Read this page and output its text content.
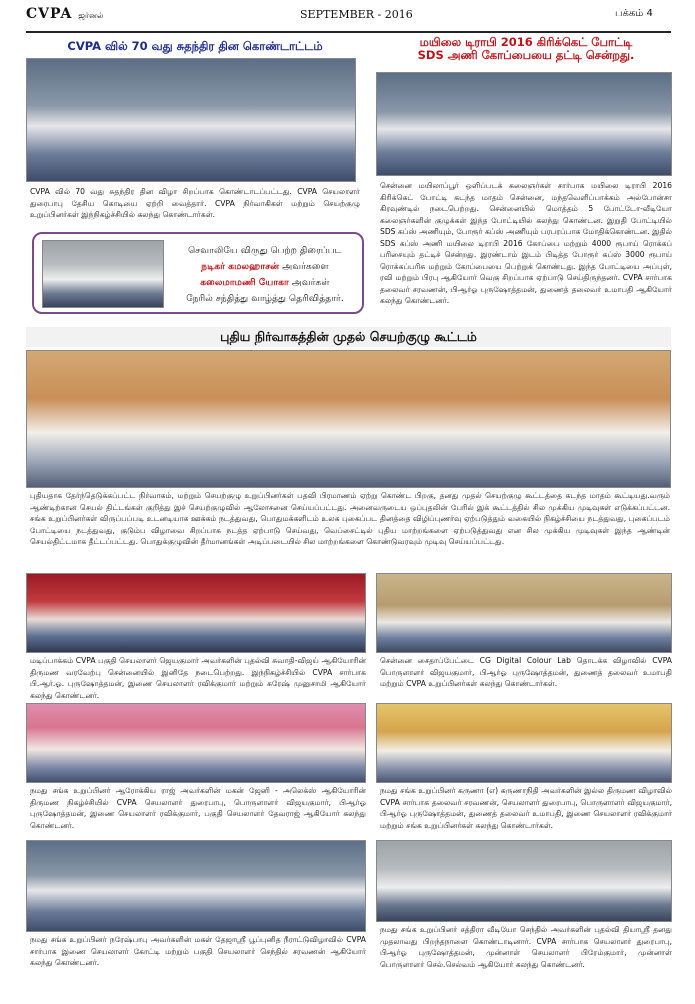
CVPA ஜர்னல்	SEPTEMBER - 2016	பக்கம் 4
CVPA வில் 70 வது சுதந்திர தின கொண்டாட்டம்
CVPA வில் 70 வது சுதந்திர தின விழா சிறப்பாக கொண்டாடப்பட்டது. CVPA செயலாளர் துரைபாபு தேசிய கொடியை ஏற்றி வைத்தார். CVPA நிர்வாகிகள் மற்றும் செயற்குழு உறுப்பினர்கள் இந்நிகழ்ச்சியில் கலந்து கொண்டார்கள்.
செவாலியே விருது பெற்ற திரைப்பட
நடிகர் கமலஹாசன் அவர்களை
கலைமாமணி யோகா அவர்கள்
நேரில் சந்தித்து வாழ்த்து தெரிவித்தார்.
மயிலை டிராபி 2016 கிரிக்கெட் போட்டி
SDS அணி கோப்பையை தட்டி சென்றது.
சென்னை மயிலாப்பூர் ஒளிப்படக் கலைஞர்கள் சார்பாக மயிலை டிராபி 2016 கிரிக்கெட் போட்டி கடந்த மாதம் சென்னை, மந்தவெளிப்பாக்கம் அல்போன்சா கிரவுண்டில் நடைபெற்றது. சென்னையில் மொத்தம் 5 போட்டோ-வீடியோ கலைஞர்களின் குழுக்கள் இந்த போட்டியில் கலந்து கொண்டன. இறுதி போட்டியில் SDS கப்ஸ் அணியும், போரூர் கப்ஸ் அணியும் பரபரப்பாக மோதிக்கொண்டன. இதில் SDS கப்ஸ் அணி மயிலை டிராபி 2016 கோப்பை மற்றும் 4000 ரூபாய் ரொக்கப் பரிசையும் தட்டிச் சென்றது. இரண்டாம் இடம் பிடித்த போரூர் கப்ஸ் 3000 ரூபாய் ரொக்கப்பரிசு மற்றும் கோப்பையை பெற்றுக் கொண்டது. இந்த போட்டியை அப்புள், ரவி மற்றும் பிரபு ஆகியோர் வெகு சிறப்பாக ஏற்பாடு செய்திருந்தனர். CVPA சார்பாக தலைவர் சரவணன், பிஆர்ஓ புருஷோத்தமன், துணைத் தலைவர் உமாபதி ஆகியோர் கலந்து கொண்டனர்.
புதிய நிர்வாகத்தின் முதல் செயற்குழு கூட்டம்
புதியதாக தேர்ந்தெடுக்கப்பட்ட நிர்வாகம், மற்றும் செயற்குழு உறுப்பினர்கள் பதவி பிரமாணம் ஏற்று கொண்ட பிறகு, தனது முதல் செயற்குழு கூட்டத்தை கடந்த மாதம் கூட்டியது.வரும் ஆண்டிற்கான செயல் திட்டங்கள் குறித்து இச் செயற்குழுவில் ஆலோசனை செய்யப்பட்டது. அனைவருடைய ஒப்புதலின் பேரில் இக் கூட்டத்தில் சில முக்கிய முடிவுகள் எடுக்கப்பட்டன. சங்க உறுப்பினர்கள் விருப்பப்படி உடனடியாக ஊக்கம் நடத்துவது, பொதுமக்களிடம் உலக புகைப்பட தினத்தை விழிப்புணர்வு ஏற்படுத்தும் வகையில் நிகழ்ச்சியை நடத்துவது, புகைப்படம் போட்டியை நடத்துவது, குடும்ப விழாவை சிறப்பாக நடத்த ஏற்பாடு செய்வது, வெப்சைட்டில் புதிய மாற்றங்களை ஏற்படுத்துவது என சில முக்கிய முடிவுகள் இந்த ஆண்டின் செயல்திட்டமாக தீட்டப்பட்டது. பொதுக்குழுவின் தீர்மானங்கள் அடிப்படையில் சில மாற்றங்களை கொண்டுவரவும் முடிவு செய்யப்பட்டது.
மடிப்பாக்கம் CVPA பகுதி செயலாளர் ஜெயகுமார் அவர்களின் புதல்வி சுவாதி-விஜய் ஆகியோரின் திருமண வரவேற்பு சென்னையில் இனிதே நடைபெற்றது. இந்நிகழ்ச்சியில் CVPA சார்பாக பி.ஆர்.ஓ. புருஷோத்தமன், இணை செயலாளர் ரவிக்குமார் மற்றும் சுரேஷ் முனுசாமி ஆகியோர் கலந்து கொண்டனர்.
சென்னை சைதாப்பேட்டை CG Digital Colour Lab தொடக்க விழாவில் CVPA பொருளாளர் விஜயகுமார், பிஆர்ஓ புருஷோத்தமன், துணைத் தலைவர் உமாபதி மற்றும் CVPA உறுப்பினர்கள் கலந்து கொண்டார்கள்.
நமது சங்க உறுப்பினர் ஆரோக்கிய ராஜ் அவர்களின் மகன் ஜேனி - அலெக்ஸ் ஆகியோரின் திருமண நிகழ்ச்சியில் CVPA செயலாளர் துரைபாபு, பொருளாளர் விஜயகுமார், பிஆர்ஓ புருஷோத்தமன், இணை செயலாளர் ரவிக்குமார், பகுதி செயலாளர் தேவராஜ் ஆகியோர் கலந்து கொண்டனர்.
நமது சங்க உறுப்பினர் கருணா (எ) கருணாநிதி அவர்களின் இல்ல திருமண விழாவில் CVPA சார்பாக தலைவர் சரவணன், செயலாளர் துரைபாபு, பொருளாளர் விஜயகுமார், பிஆர்ஓ புருஷோத்தமன், துணைத் தலைவர் உமாபதி, இணை செயலாளர் ரவிக்குமார் மற்றும் சங்க உறுப்பினர்கள் கலந்து கொண்டார்கள்.
நமது சங்க உறுப்பினர் நரேஷ்பாபு அவர்களின் மகள் தேஜாஸ்ரீ பூப்புனித நீராட்டுவிழாவில் CVPA சார்பாக இணை செயலாளர் கோட்டி மற்றும் பகுதி செயலாளர் செந்தில் சரவணன் ஆகியோர் கலந்து கொண்டனர்.
நமது சங்க உறுப்பினர் சத்திரா வீடியோ செந்தில் அவர்களின் புதல்வி தியாஸ்ரீ தனது முதலாவது பிறந்தநாளை கொண்டாடினார். CVPA சார்பாக செயலாளர் துரைபாபு, பிஆர்ஓ புருஷோத்தமன், முன்னாள் செயலாளர் பிரேம்குமார், முன்னாள் பொருளாளர் செல்.செல்வம் ஆகியோர் கலந்து கொண்டனர்.
